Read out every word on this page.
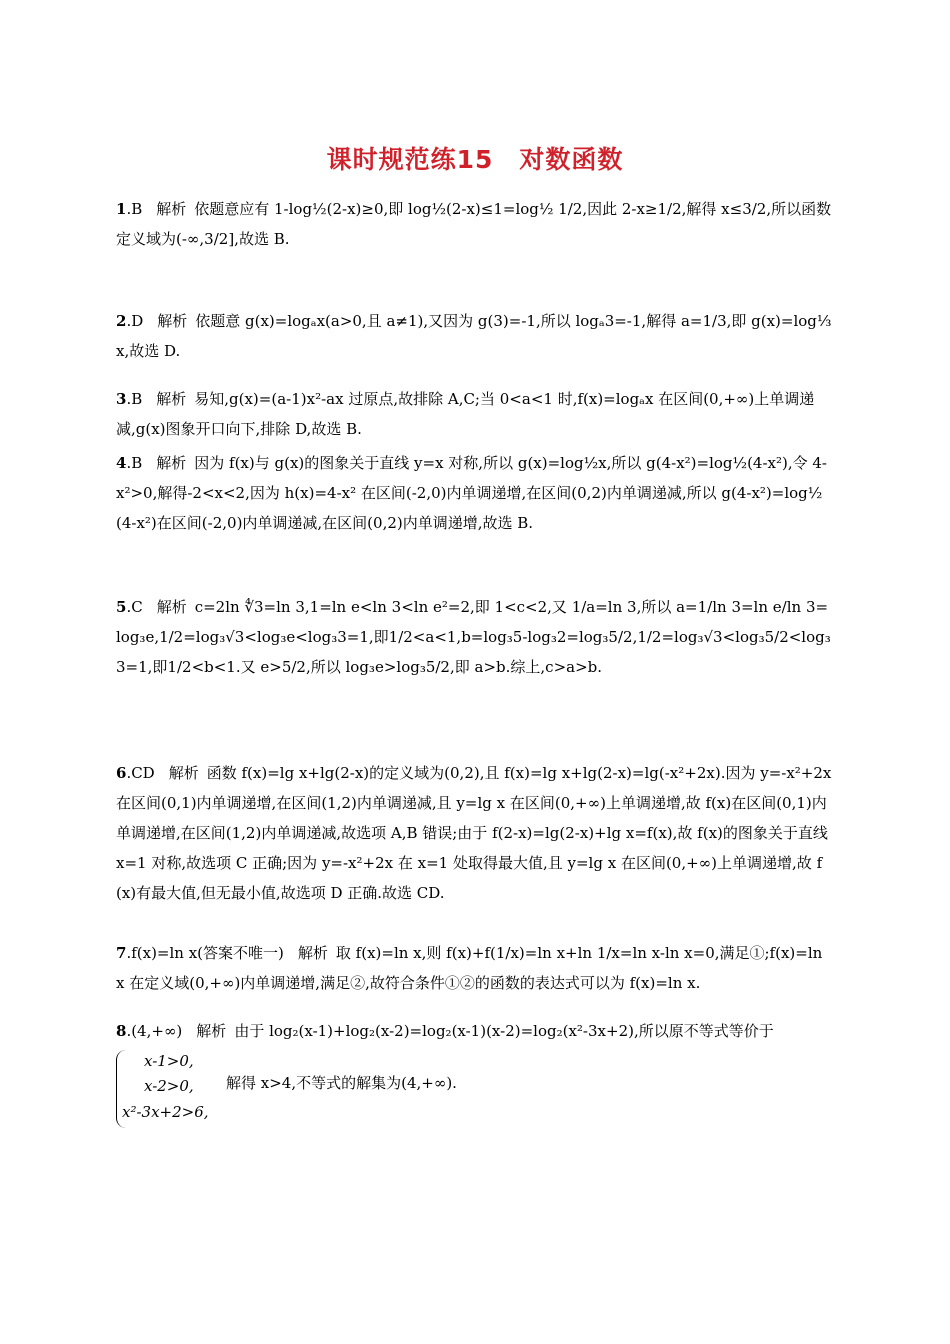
课时规范练15　对数函数
1.B 解析 依题意应有 1-log½(2-x)≥0,即 log½(2-x)≤1=log½ 1/2,因此 2-x≥1/2,解得 x≤3/2,所以函数定义域为(-∞,3/2],故选 B.
2.D 解析 依题意 g(x)=logₐx(a>0,且 a≠1),又因为 g(3)=-1,所以 logₐ3=-1,解得 a=1/3,即 g(x)=log⅓x,故选 D.
3.B 解析 易知,g(x)=(a-1)x²-ax 过原点,故排除 A,C;当 0<a<1 时,f(x)=logₐx 在区间(0,+∞)上单调递减,g(x)图象开口向下,排除 D,故选 B.
4.B 解析 因为 f(x)与 g(x)的图象关于直线 y=x 对称,所以 g(x)=log½x,所以 g(4-x²)=log½(4-x²),令 4-x²>0,解得-2<x<2,因为 h(x)=4-x² 在区间(-2,0)内单调递增,在区间(0,2)内单调递减,所以 g(4-x²)=log½(4-x²)在区间(-2,0)内单调递减,在区间(0,2)内单调递增,故选 B.
5.C 解析 c=2ln ∜3=ln 3,1=ln e<ln 3<ln e²=2,即 1<c<2,又 1/a=ln 3,所以 a=1/ln 3=ln e/ln 3=log₃e,1/2=log₃√3<log₃e<log₃3=1,即1/2<a<1,b=log₃5-log₃2=log₃5/2,1/2=log₃√3<log₃5/2<log₃3=1,即1/2<b<1.又 e>5/2,所以 log₃e>log₃5/2,即 a>b.综上,c>a>b.
6.CD 解析 函数 f(x)=lg x+lg(2-x)的定义域为(0,2),且 f(x)=lg x+lg(2-x)=lg(-x²+2x).因为 y=-x²+2x 在区间(0,1)内单调递增,在区间(1,2)内单调递减,且 y=lg x 在区间(0,+∞)上单调递增,故 f(x)在区间(0,1)内单调递增,在区间(1,2)内单调递减,故选项 A,B 错误;由于 f(2-x)=lg(2-x)+lg x=f(x),故 f(x)的图象关于直线 x=1 对称,故选项 C 正确;因为 y=-x²+2x 在 x=1 处取得最大值,且 y=lg x 在区间(0,+∞)上单调递增,故 f(x)有最大值,但无最小值,故选项 D 正确.故选 CD.
7.f(x)=ln x(答案不唯一) 解析 取 f(x)=ln x,则 f(x)+f(1/x)=ln x+ln 1/x=ln x-ln x=0,满足①;f(x)=ln x 在定义域(0,+∞)内单调递增,满足②,故符合条件①②的函数的表达式可以为 f(x)=ln x.
8.(4,+∞) 解析 由于 log₂(x-1)+log₂(x-2)=log₂(x-1)(x-2)=log₂(x²-3x+2),所以原不等式等价于
x-1>0,
x-2>0,
x²-3x+2>6,
解得 x>4,不等式的解集为(4,+∞).
